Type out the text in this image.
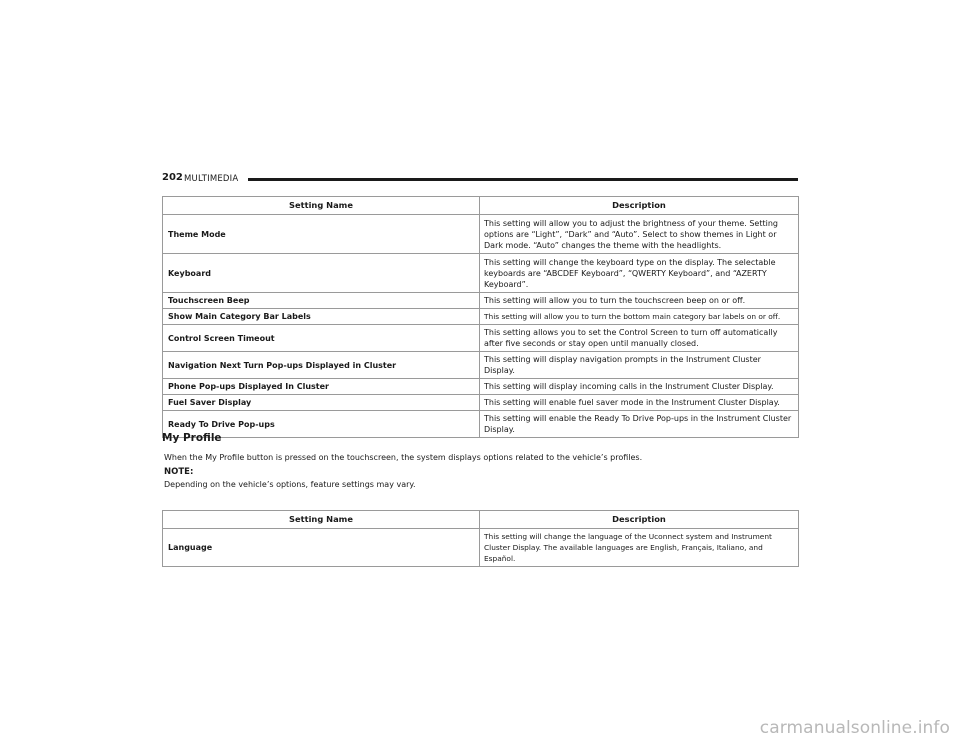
202 MULTIMEDIA
Setting Name	Description
Theme Mode	This setting will allow you to adjust the brightness of your theme. Setting options are “Light”, “Dark” and “Auto”. Select to show themes in Light or Dark mode. “Auto” changes the theme with the headlights.
Keyboard	This setting will change the keyboard type on the display. The selectable keyboards are “ABCDEF Keyboard”, “QWERTY Keyboard”, and “AZERTY Keyboard”.
Touchscreen Beep	This setting will allow you to turn the touchscreen beep on or off.
Show Main Category Bar Labels	This setting will allow you to turn the bottom main category bar labels on or off.
Control Screen Timeout	This setting allows you to set the Control Screen to turn off automatically after five seconds or stay open until manually closed.
Navigation Next Turn Pop-ups Displayed in Cluster	This setting will display navigation prompts in the Instrument Cluster Display.
Phone Pop-ups Displayed In Cluster	This setting will display incoming calls in the Instrument Cluster Display.
Fuel Saver Display	This setting will enable fuel saver mode in the Instrument Cluster Display.
Ready To Drive Pop-ups	This setting will enable the Ready To Drive Pop-ups in the Instrument Cluster Display.
My Profile
When the My Profile button is pressed on the touchscreen, the system displays options related to the vehicle’s profiles.
NOTE:
Depending on the vehicle’s options, feature settings may vary.
Setting Name	Description
Language	This setting will change the language of the Uconnect system and Instrument Cluster Display. The available languages are English, Français, Italiano, and Español.
carmanualsonline.info
